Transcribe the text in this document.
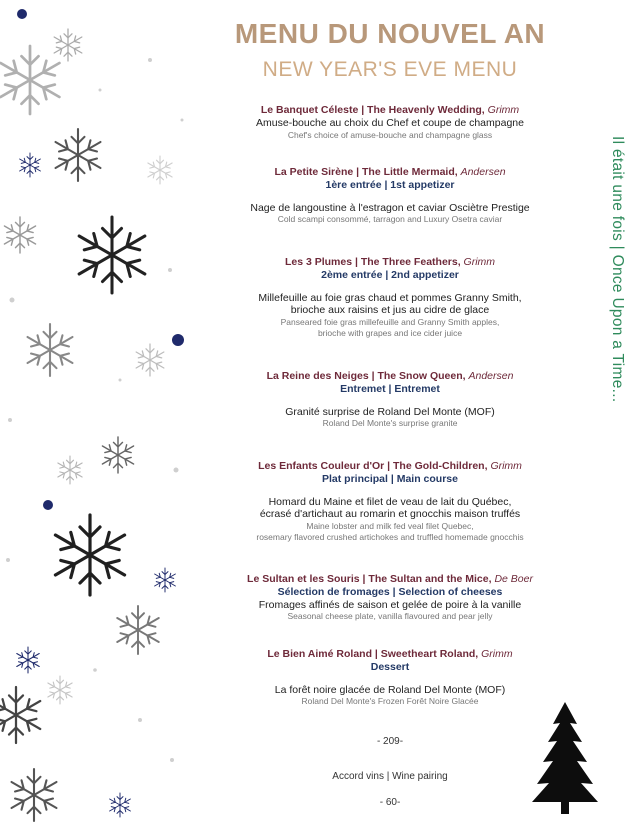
MENU DU NOUVEL AN
NEW YEAR'S EVE MENU
Il était une fois | Once Upon a Time...
Le Banquet Céleste | The Heavenly Wedding, Grimm
Amuse-bouche au choix du Chef et coupe de champagne
Chef's choice of amuse-bouche and champagne glass
La Petite Sirène | The Little Mermaid, Andersen
1ère entrée | 1st appetizer
Nage de langoustine à l'estragon et caviar Osciètre Prestige
Cold scampi consommé, tarragon and Luxury Osetra caviar
Les 3 Plumes | The Three Feathers, Grimm
2ème entrée | 2nd appetizer
Millefeuille au foie gras chaud et pommes Granny Smith,
brioche aux raisins et jus au cidre de glace
Panseared foie gras millefeuille and Granny Smith apples,
brioche with grapes and ice cider juice
La Reine des Neiges | The Snow Queen, Andersen
Entremet | Entremet
Granité surprise de Roland Del Monte (MOF)
Roland Del Monte's surprise granite
Les Enfants Couleur d'Or | The Gold-Children, Grimm
Plat principal | Main course
Homard du Maine et filet de veau de lait du Québec,
écrasé d'artichaut au romarin et gnocchis maison truffés
Maine lobster and milk fed veal filet Quebec,
rosemary flavored crushed artichokes and truffled homemade gnocchis
Le Sultan et les Souris | The Sultan and the Mice, De Boer
Sélection de fromages | Selection of cheeses
Fromages affinés de saison et gelée de poire à la vanille
Seasonal cheese plate, vanilla flavoured and pear jelly
Le Bien Aimé Roland | Sweetheart Roland, Grimm
Dessert
La forêt noire glacée de Roland Del Monte (MOF)
Roland Del Monte's Frozen Forêt Noire Glacée
- 209-
Accord vins | Wine pairing
- 60-
